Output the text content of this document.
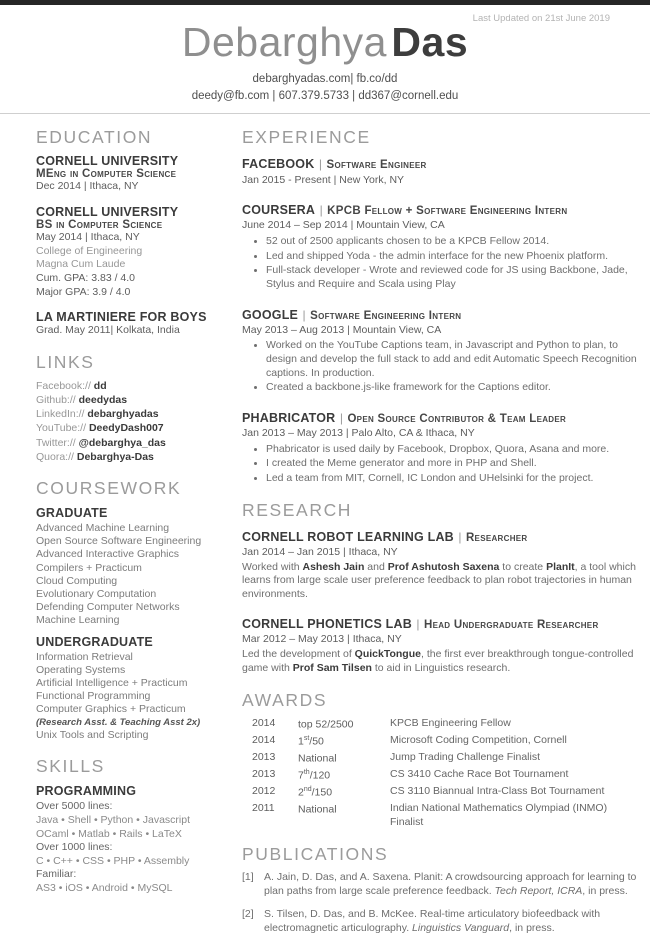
Last Updated on 21st June 2019
Debarghya Das
debarghyadas.com| fb.co/dd
deedy@fb.com | 607.379.5733 | dd367@cornell.edu
EDUCATION
CORNELL UNIVERSITY
MEng in Computer Science
Dec 2014 | Ithaca, NY
CORNELL UNIVERSITY
BS in Computer Science
May 2014 | Ithaca, NY
College of Engineering
Magna Cum Laude
Cum. GPA: 3.83 / 4.0
Major GPA: 3.9 / 4.0
LA MARTINIERE FOR BOYS
Grad. May 2011| Kolkata, India
LINKS
Facebook:// dd
Github:// deedydas
LinkedIn:// debarghyadas
YouTube:// DeedyDash007
Twitter:// @debarghya_das
Quora:// Debarghya-Das
COURSEWORK
GRADUATE
Advanced Machine Learning
Open Source Software Engineering
Advanced Interactive Graphics
Compilers + Practicum
Cloud Computing
Evolutionary Computation
Defending Computer Networks
Machine Learning
UNDERGRADUATE
Information Retrieval
Operating Systems
Artificial Intelligence + Practicum
Functional Programming
Computer Graphics + Practicum
(Research Asst. & Teaching Asst 2x)
Unix Tools and Scripting
SKILLS
PROGRAMMING
Over 5000 lines:
Java • Shell • Python • Javascript
OCaml • Matlab • Rails • LaTeX
Over 1000 lines:
C • C++ • CSS • PHP • Assembly
Familiar:
AS3 • iOS • Android • MySQL
EXPERIENCE
FACEBOOK | Software Engineer
Jan 2015 - Present | New York, NY
COURSERA | KPCB Fellow + Software Engineering Intern
June 2014 – Sep 2014 | Mountain View, CA
• 52 out of 2500 applicants chosen to be a KPCB Fellow 2014.
• Led and shipped Yoda - the admin interface for the new Phoenix platform.
• Full-stack developer - Wrote and reviewed code for JS using Backbone, Jade, Stylus and Require and Scala using Play
GOOGLE | Software Engineering Intern
May 2013 – Aug 2013 | Mountain View, CA
• Worked on the YouTube Captions team, in Javascript and Python to plan, to design and develop the full stack to add and edit Automatic Speech Recognition captions. In production.
• Created a backbone.js-like framework for the Captions editor.
PHABRICATOR | Open Source Contributor & Team Leader
Jan 2013 – May 2013 | Palo Alto, CA & Ithaca, NY
• Phabricator is used daily by Facebook, Dropbox, Quora, Asana and more.
• I created the Meme generator and more in PHP and Shell.
• Led a team from MIT, Cornell, IC London and UHelsinki for the project.
RESEARCH
CORNELL ROBOT LEARNING LAB | Researcher
Jan 2014 – Jan 2015 | Ithaca, NY
Worked with Ashesh Jain and Prof Ashutosh Saxena to create PlanIt, a tool which learns from large scale user preference feedback to plan robot trajectories in human environments.
CORNELL PHONETICS LAB | Head Undergraduate Researcher
Mar 2012 – May 2013 | Ithaca, NY
Led the development of QuickTongue, the first ever breakthrough tongue-controlled game with Prof Sam Tilsen to aid in Linguistics research.
AWARDS
2014	top 52/2500	KPCB Engineering Fellow
2014	1st/50	Microsoft Coding Competition, Cornell
2013	National	Jump Trading Challenge Finalist
2013	7th/120	CS 3410 Cache Race Bot Tournament
2012	2nd/150	CS 3110 Biannual Intra-Class Bot Tournament
2011	National	Indian National Mathematics Olympiad (INMO) Finalist
PUBLICATIONS
[1] A. Jain, D. Das, and A. Saxena. Planit: A crowdsourcing approach for learning to plan paths from large scale preference feedback. Tech Report, ICRA, in press.
[2] S. Tilsen, D. Das, and B. McKee. Real-time articulatory biofeedback with electromagnetic articulography. Linguistics Vanguard, in press.
